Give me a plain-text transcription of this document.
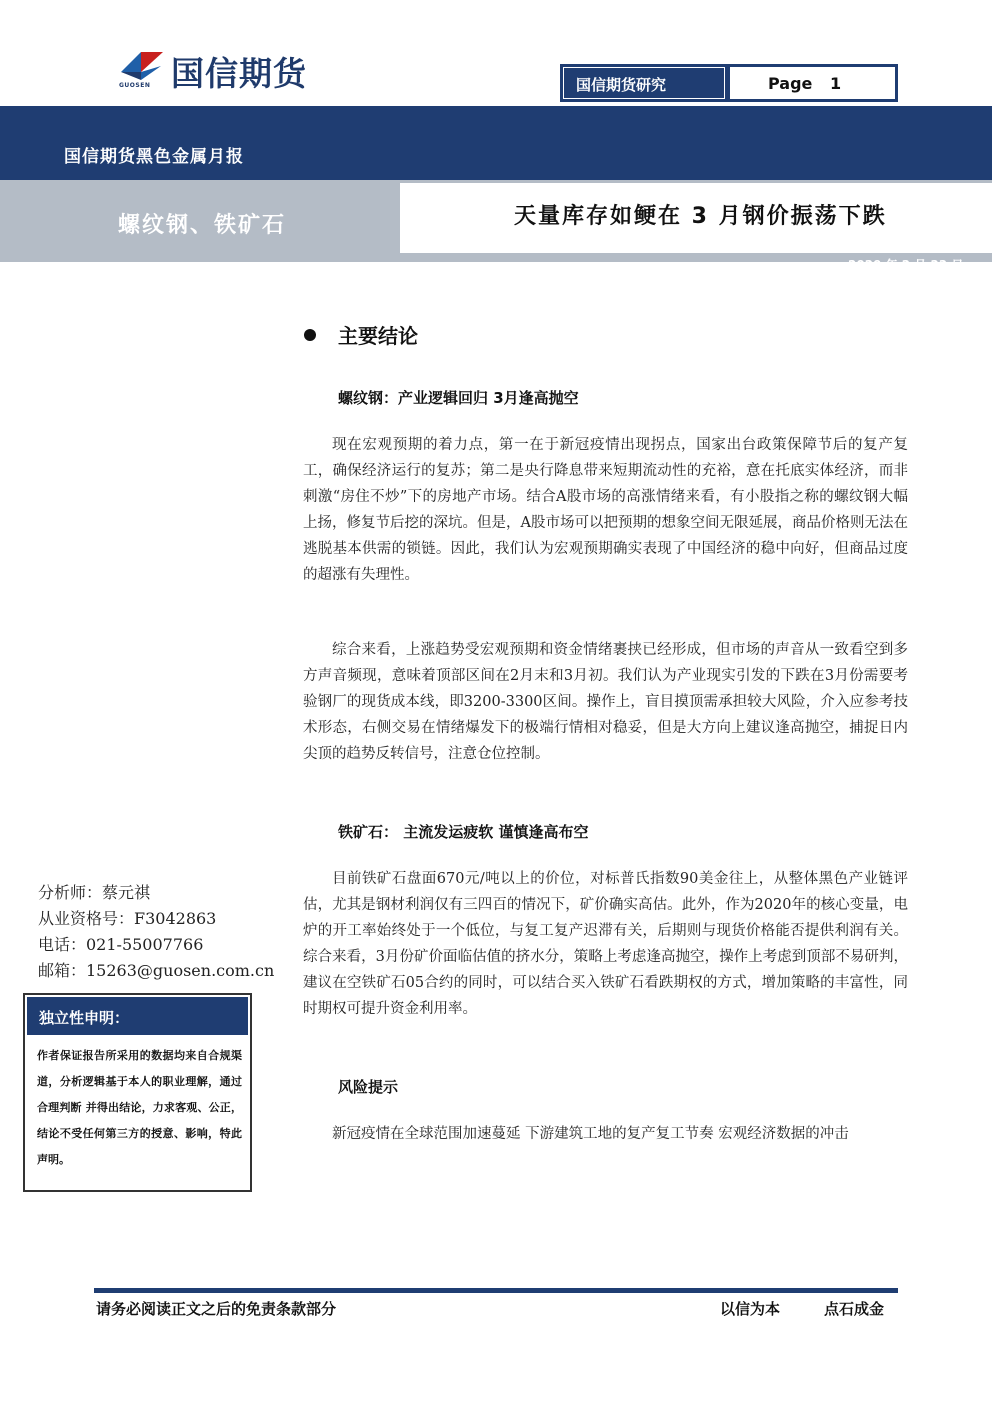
GUOSEN 国信期货	国信期货研究	Page 1
国信期货黑色金属月报
螺纹钢、铁矿石	天量库存如鲠在 3 月钢价振荡下跌
2020 年 2 月 23 日
主要结论
螺纹钢：产业逻辑回归 3月逢高抛空

现在宏观预期的着力点，第一在于新冠疫情出现拐点，国家出台政策保障节后的复产复工，确保经济运行的复苏；第二是央行降息带来短期流动性的充裕，意在托底实体经济，而非刺激“房住不炒”下的房地产市场。结合A股市场的高涨情绪来看，有小股指之称的螺纹钢大幅上扬，修复节后挖的深坑。但是，A股市场可以把预期的想象空间无限延展，商品价格则无法在逃脱基本供需的锁链。因此，我们认为宏观预期确实表现了中国经济的稳中向好，但商品过度的超涨有失理性。

综合来看，上涨趋势受宏观预期和资金情绪裹挟已经形成，但市场的声音从一致看空到多方声音频现，意味着顶部区间在2月末和3月初。我们认为产业现实引发的下跌在3月份需要考验钢厂的现货成本线，即3200-3300区间。操作上，盲目摸顶需承担较大风险，介入应参考技术形态，右侧交易在情绪爆发下的极端行情相对稳妥，但是大方向上建议逢高抛空，捕捉日内尖顶的趋势反转信号，注意仓位控制。

铁矿石： 主流发运疲软 谨慎逢高布空

目前铁矿石盘面670元/吨以上的价位，对标普氏指数90美金往上，从整体黑色产业链评估，尤其是钢材利润仅有三四百的情况下，矿价确实高估。此外，作为2020年的核心变量，电炉的开工率始终处于一个低位，与复工复产迟滞有关，后期则与现货价格能否提供利润有关。综合来看，3月份矿价面临估值的挤水分，策略上考虑逢高抛空，操作上考虑到顶部不易研判，建议在空铁矿石05合约的同时，可以结合买入铁矿石看跌期权的方式，增加策略的丰富性，同时期权可提升资金利用率。

风险提示

新冠疫情在全球范围加速蔓延 下游建筑工地的复产复工节奏 宏观经济数据的冲击

分析师：蔡元祺
从业资格号：F3042863
电话：021-55007766
邮箱：15263@guosen.com.cn
独立性申明：
作者保证报告所采用的数据均来自合规渠道，分析逻辑基于本人的职业理解，通过合理判断 并得出结论，力求客观、公正，结论不受任何第三方的授意、影响，特此声明。
请务必阅读正文之后的免责条款部分	以信为本	点石成金
